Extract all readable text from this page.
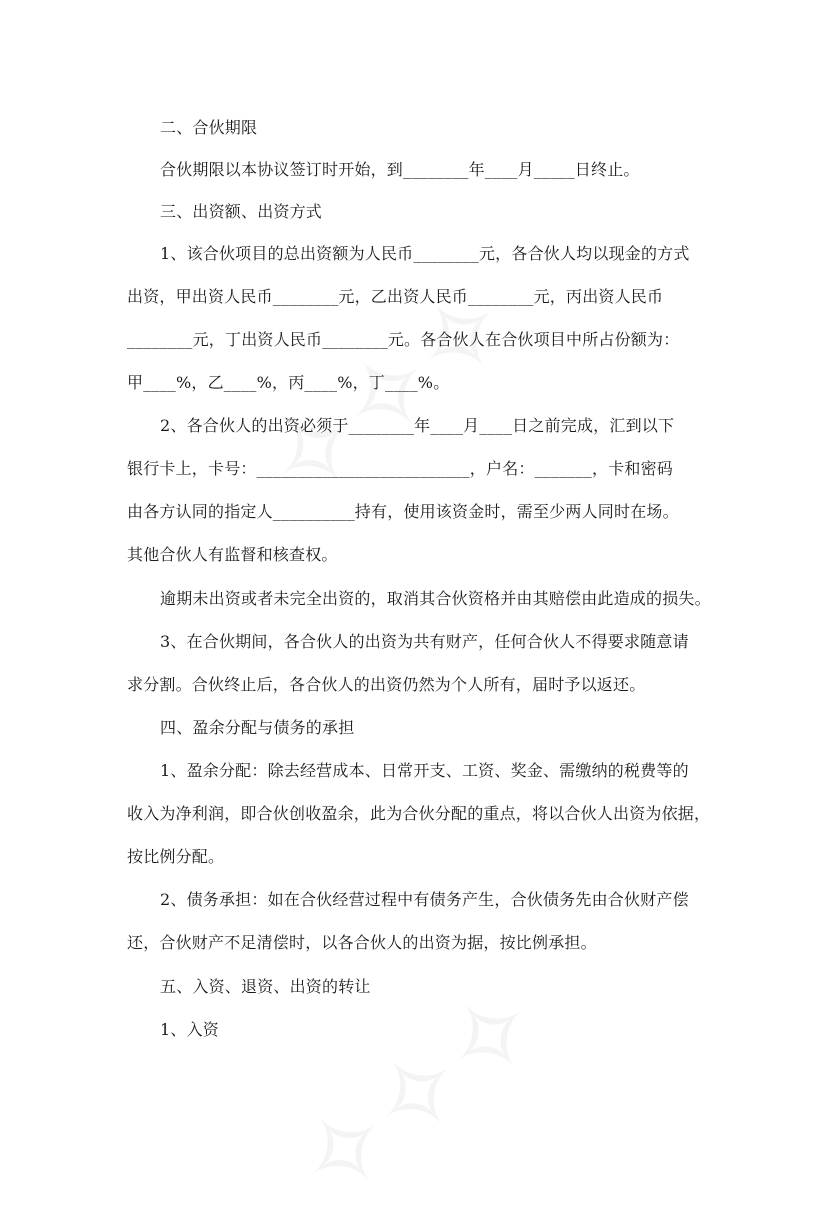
二、合伙期限
合伙期限以本协议签订时开始，到________年____月_____日终止。
三、出资额、出资方式
1、该合伙项目的总出资额为人民币________元，各合伙人均以现金的方式
出资，甲出资人民币________元，乙出资人民币________元，丙出资人民币
________元，丁出资人民币________元。各合伙人在合伙项目中所占份额为：
甲____%，乙____%，丙____%，丁____%。
2、各合伙人的出资必须于________年____月____日之前完成，汇到以下
银行卡上，卡号：__________________________，户名：_______，卡和密码
由各方认同的指定人__________持有，使用该资金时，需至少两人同时在场。
其他合伙人有监督和核查权。
逾期未出资或者未完全出资的，取消其合伙资格并由其赔偿由此造成的损失。
3、在合伙期间，各合伙人的出资为共有财产，任何合伙人不得要求随意请
求分割。合伙终止后，各合伙人的出资仍然为个人所有，届时予以返还。
四、盈余分配与债务的承担
1、盈余分配：除去经营成本、日常开支、工资、奖金、需缴纳的税费等的
收入为净利润，即合伙创收盈余，此为合伙分配的重点，将以合伙人出资为依据，
按比例分配。
2、债务承担：如在合伙经营过程中有债务产生，合伙债务先由合伙财产偿
还，合伙财产不足清偿时，以各合伙人的出资为据，按比例承担。
五、入资、退资、出资的转让
1、入资
